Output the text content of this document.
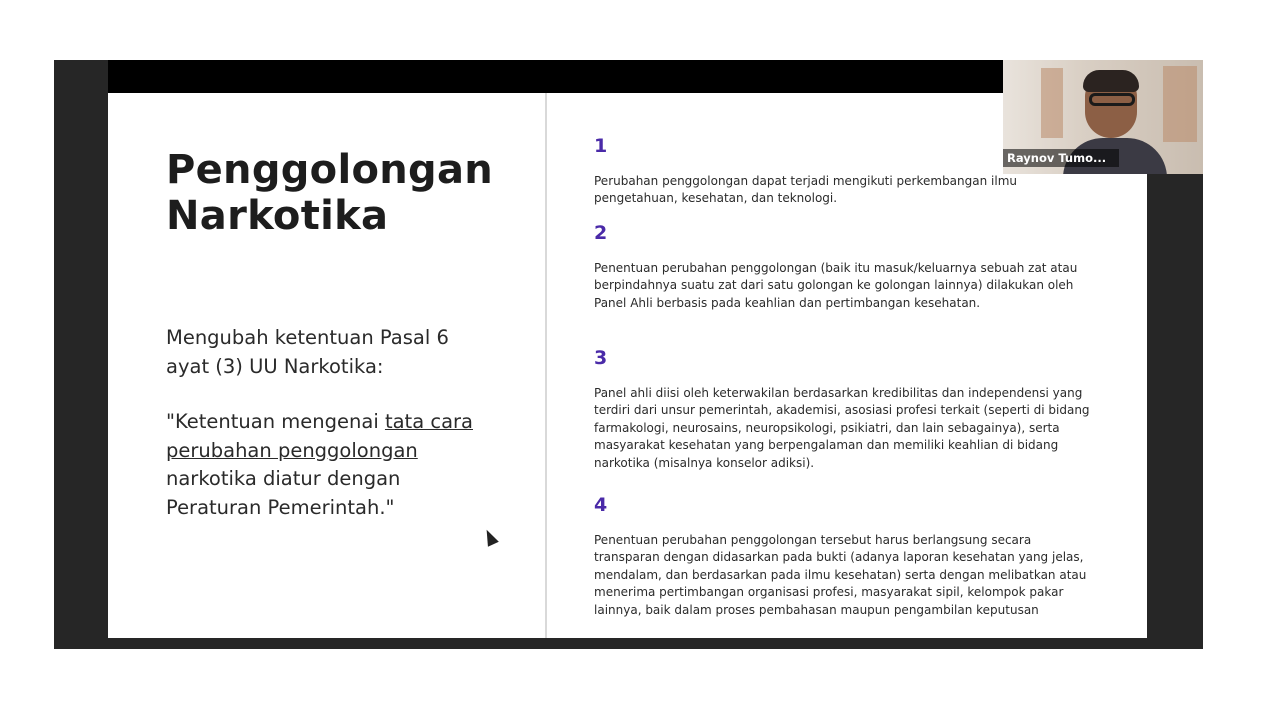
Penggolongan Narkotika
Mengubah ketentuan Pasal 6 ayat (3) UU Narkotika:
"Ketentuan mengenai tata cara perubahan penggolongan narkotika diatur dengan Peraturan Pemerintah."
1
Perubahan penggolongan dapat terjadi mengikuti perkembangan ilmu pengetahuan, kesehatan, dan teknologi.
2
Penentuan perubahan penggolongan (baik itu masuk/keluarnya sebuah zat atau berpindahnya suatu zat dari satu golongan ke golongan lainnya) dilakukan oleh Panel Ahli berbasis pada keahlian dan pertimbangan kesehatan.
3
Panel ahli diisi oleh keterwakilan berdasarkan kredibilitas dan independensi yang terdiri dari unsur pemerintah, akademisi, asosiasi profesi terkait (seperti di bidang farmakologi, neurosains, neuropsikologi, psikiatri, dan lain sebagainya), serta masyarakat kesehatan yang berpengalaman dan memiliki keahlian di bidang narkotika (misalnya konselor adiksi).
4
Penentuan perubahan penggolongan tersebut harus berlangsung secara transparan dengan didasarkan pada bukti (adanya laporan kesehatan yang jelas, mendalam, dan berdasarkan pada ilmu kesehatan) serta dengan melibatkan atau menerima pertimbangan organisasi profesi, masyarakat sipil, kelompok pakar lainnya, baik dalam proses pembahasan maupun pengambilan keputusan
Raynov Tumo...
